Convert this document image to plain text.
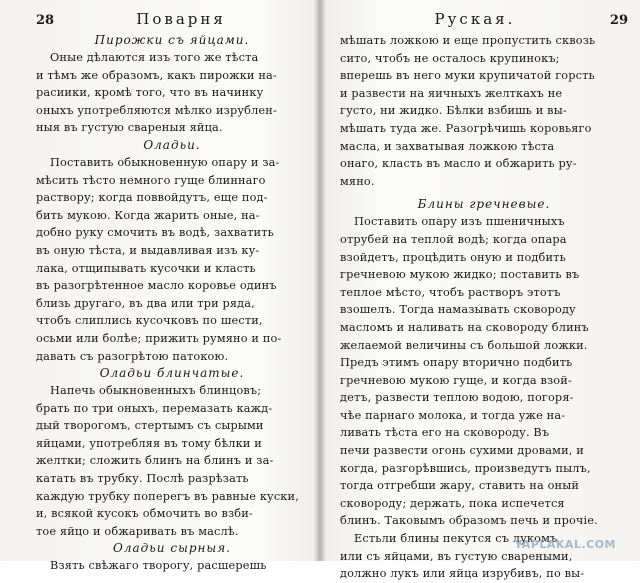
28	Поварня

Пирожки съ яйцами.

Оные дѣлаются изъ того же тѣста

и тѣмъ же образомъ, какъ пирожки на-

расиики, кромѣ того, что въ начинку

оныхъ употребляются мѣлко изрублен-

ныя въ густую свареныя яйца.

Оладьи.

Поставить обыкновенную опару и за-

мѣсить тѣсто немного гуще блиннаго

раствору; когда поввойдутъ, еще под-

бить мукою. Когда жарить оные, на-

добно руку смочить въ водѣ, захватить

въ оную тѣста, и выдавливая изъ ку-

лака, отщипывать кусочки и класть

въ разогрѣтенное масло коровье одинъ

близь другаго, въ два или три ряда,

чтобъ слиплись кусочковъ по шести,

осьми или болѣе; прижить румяно и по-

давать съ разогрѣтою патокою.

Оладьи блинчатые.

Напечь обыкновенныхъ блинцовъ;

брать по три оныхъ, перемазать кажд-

дый творогомъ, стертымъ съ сырыми

яйцами, употребляя въ тому бѣлки и

желтки; сложить блинъ на блинъ и за-

катать въ трубку. Послѣ разрѣзать

каждую трубку поперегъ въ равные куски,

и, всякой кусокъ обмочить во взби-

тое яйцо и обжаривать въ маслѣ.

Оладьи сырныя.

Взять свѣжаго творогу, расшерешь

Руская.	29

мѣшать ложкою и еще пропустить сквозь

сито, чтобъ не осталось крупинокъ;

вперешь въ него муки крупичатой горсть

и развести на яичныхъ желткахъ не

густо, ни жидко. Бѣлки взбишь и вы-

мѣшать туда же. Разогрѣчишь коровьяго

масла, и захватывая ложкою тѣста

онаго, класть въ масло и обжарить ру-

мяно.

Блины гречневые.

Поставить опару изъ пшеничныхъ

отрубей на теплой водѣ; когда опара

взойдетъ, процѣдить оную и подбить

гречневою мукою жидко; поставить въ

теплое мѣсто, чтобъ растворъ этотъ

взошелъ. Тогда намазывать сковороду

масломъ и наливать на сковороду блинъ

желаемой величины съ большой ложки.

Предъ этимъ опару вторично подбить

гречневою мукою гуще, и когда взой-

детъ, развести теплою водою, погоря-

чѣе парнаго молока, и тогда уже на-

ливать тѣста его на сковороду. Въ

печи развести огонь сухими дровами, и

когда, разгорѣвшись, произведутъ пылъ,

тогда отгребши жару, ставить на оный

сковороду; держать, пока испечется

блинъ. Таковымъ образомъ печь и прочіе.

Естьли блины пекутся съ лукомъ

или съ яйцами, въ густую свареными,

должно лукъ или яйца изрубивъ, по вы-

YAPLAKAL.COM
